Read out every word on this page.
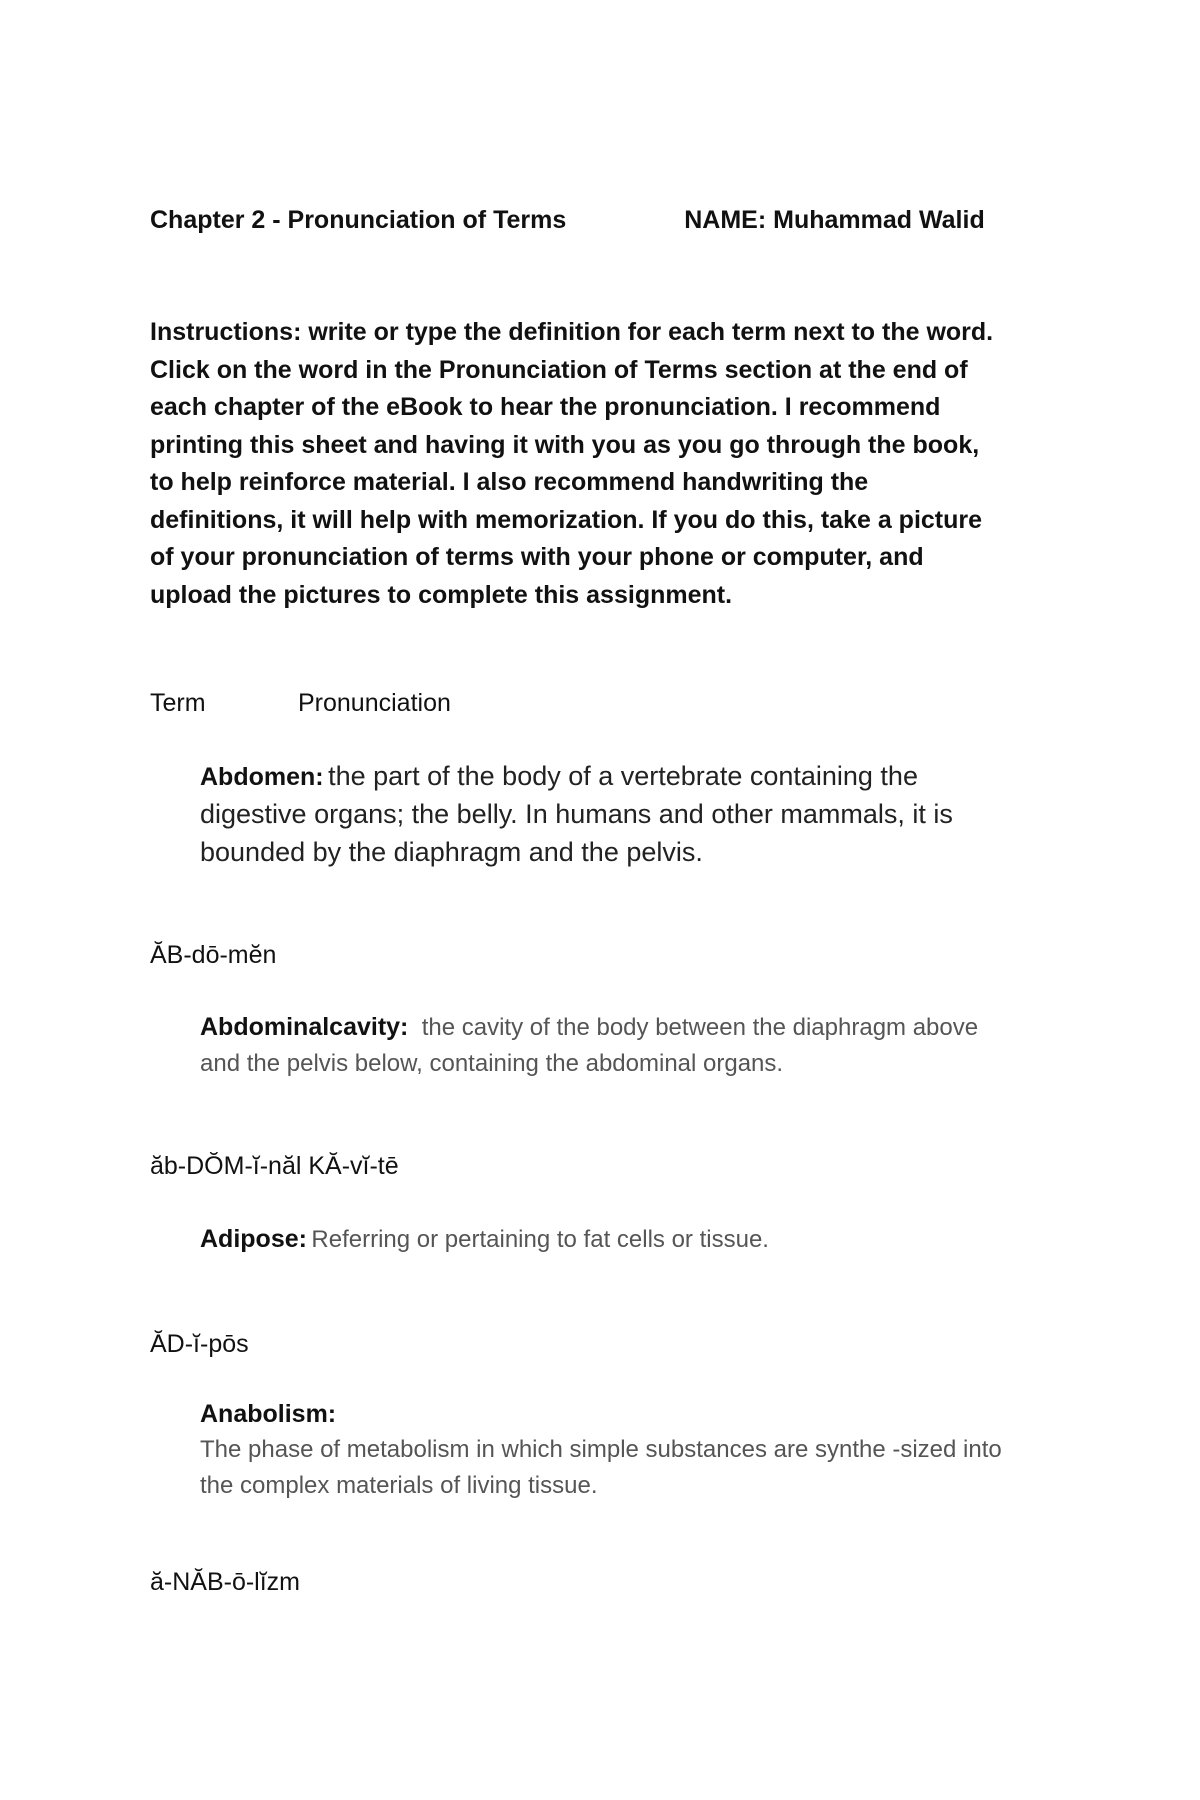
Chapter 2 - Pronunciation of Terms	NAME: Muhammad Walid
Instructions: write or type the definition for each term next to the word. Click on the word in the Pronunciation of Terms section at the end of each chapter of the eBook to hear the pronunciation. I recommend printing this sheet and having it with you as you go through the book, to help reinforce material. I also recommend handwriting the definitions, it will help with memorization. If you do this, take a picture of your pronunciation of terms with your phone or computer, and upload the pictures to complete this assignment.
Term	Pronunciation
Abdomen: the part of the body of a vertebrate containing the digestive organs; the belly. In humans and other mammals, it is bounded by the diaphragm and the pelvis.
ĂB-dō-mĕn
Abdominalcavity: the cavity of the body between the diaphragm above and the pelvis below, containing the abdominal organs.
ăb-DŎM-ĭ-năl KĂ-vĭ-tē
Adipose: Referring or pertaining to fat cells or tissue.
ĂD-ĭ-pōs
Anabolism:
The phase of metabolism in which simple substances are synthe -sized into the complex materials of living tissue.
ă-NĂB-ō-lĭzm
